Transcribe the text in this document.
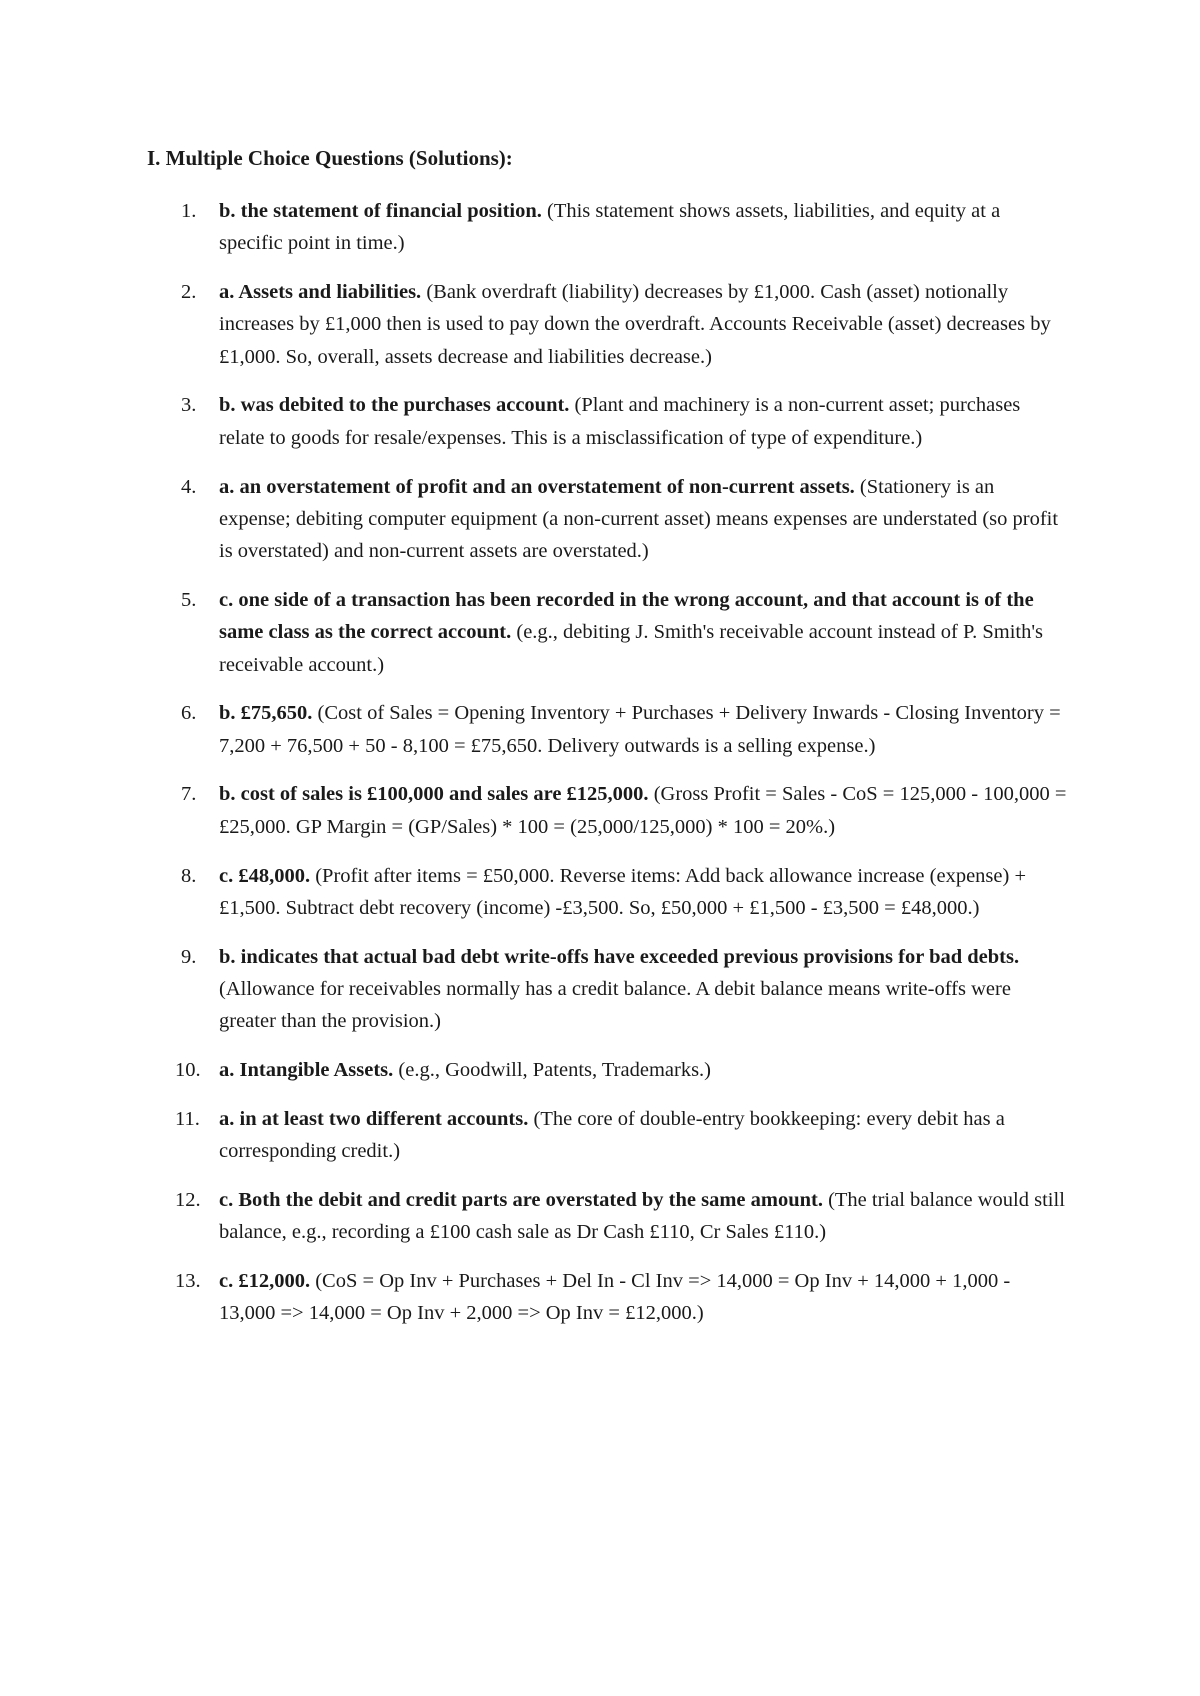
I. Multiple Choice Questions (Solutions):

1. b. the statement of financial position. (This statement shows assets, liabilities, and equity at a specific point in time.)
2. a. Assets and liabilities. (Bank overdraft (liability) decreases by £1,000. Cash (asset) notionally increases by £1,000 then is used to pay down the overdraft. Accounts Receivable (asset) decreases by £1,000. So, overall, assets decrease and liabilities decrease.)
3. b. was debited to the purchases account. (Plant and machinery is a non-current asset; purchases relate to goods for resale/expenses. This is a misclassification of type of expenditure.)
4. a. an overstatement of profit and an overstatement of non-current assets. (Stationery is an expense; debiting computer equipment (a non-current asset) means expenses are understated (so profit is overstated) and non-current assets are overstated.)
5. c. one side of a transaction has been recorded in the wrong account, and that account is of the same class as the correct account. (e.g., debiting J. Smith's receivable account instead of P. Smith's receivable account.)
6. b. £75,650. (Cost of Sales = Opening Inventory + Purchases + Delivery Inwards - Closing Inventory = 7,200 + 76,500 + 50 - 8,100 = £75,650. Delivery outwards is a selling expense.)
7. b. cost of sales is £100,000 and sales are £125,000. (Gross Profit = Sales - CoS = 125,000 - 100,000 = £25,000. GP Margin = (GP/Sales) * 100 = (25,000/125,000) * 100 = 20%.)
8. c. £48,000. (Profit after items = £50,000. Reverse items: Add back allowance increase (expense) +£1,500. Subtract debt recovery (income) -£3,500. So, £50,000 + £1,500 - £3,500 = £48,000.)
9. b. indicates that actual bad debt write-offs have exceeded previous provisions for bad debts. (Allowance for receivables normally has a credit balance. A debit balance means write-offs were greater than the provision.)
10. a. Intangible Assets. (e.g., Goodwill, Patents, Trademarks.)
11. a. in at least two different accounts. (The core of double-entry bookkeeping: every debit has a corresponding credit.)
12. c. Both the debit and credit parts are overstated by the same amount. (The trial balance would still balance, e.g., recording a £100 cash sale as Dr Cash £110, Cr Sales £110.)
13. c. £12,000. (CoS = Op Inv + Purchases + Del In - Cl Inv => 14,000 = Op Inv + 14,000 + 1,000 - 13,000 => 14,000 = Op Inv + 2,000 => Op Inv = £12,000.)
